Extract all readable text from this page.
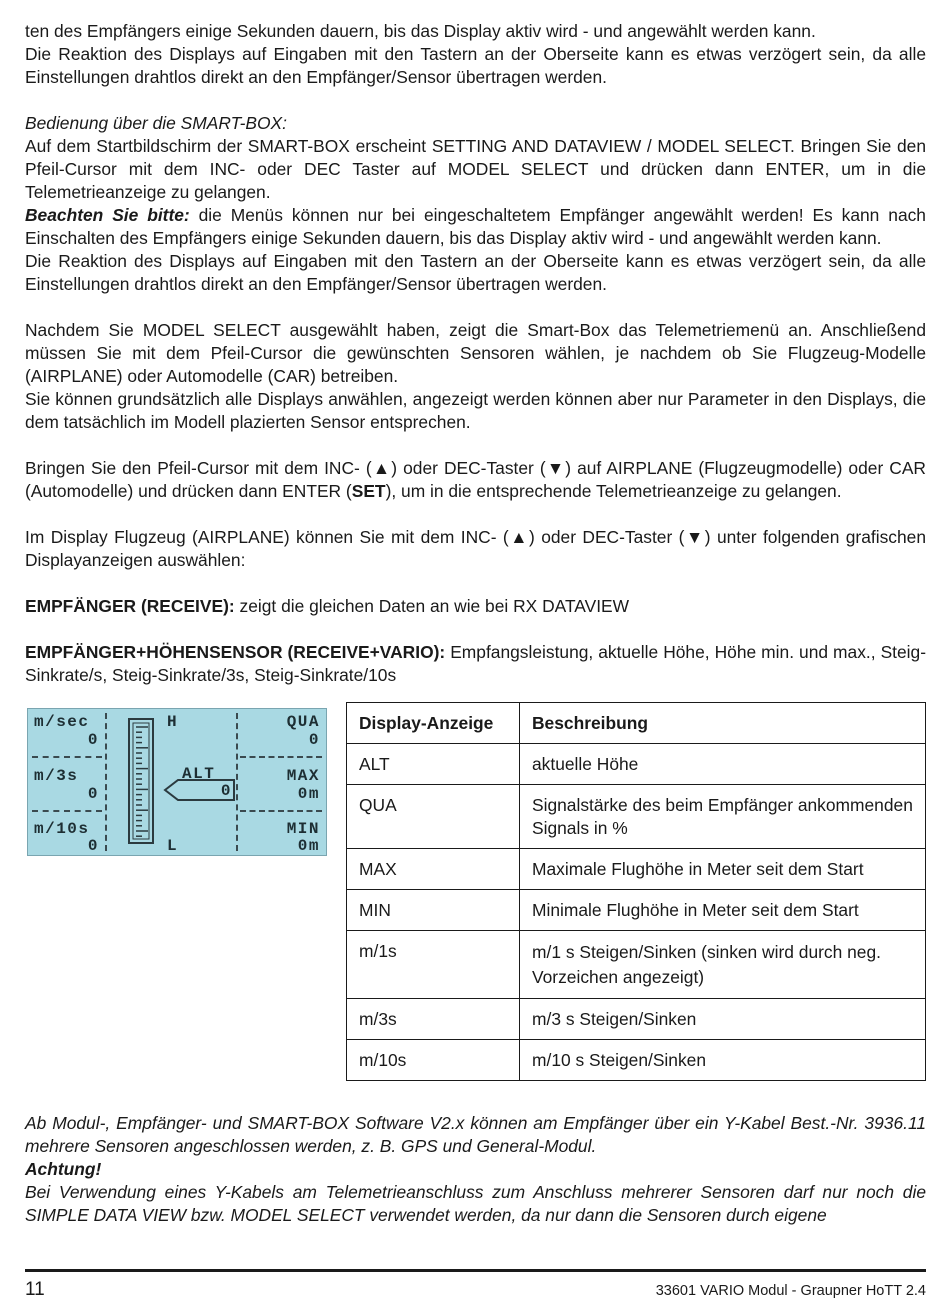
ten des Empfängers einige Sekunden dauern, bis das Display aktiv wird - und angewählt werden kann.

Die Reaktion des Displays auf Eingaben mit den Tastern an der Oberseite kann es etwas verzögert sein, da alle Einstellungen drahtlos direkt an den Empfänger/Sensor übertragen werden.

Bedienung über die SMART-BOX:

Auf dem Startbildschirm der SMART-BOX erscheint SETTING AND DATAVIEW / MODEL SELECT. Bringen Sie den Pfeil-Cursor mit dem INC- oder DEC Taster auf MODEL SELECT und drücken dann ENTER, um in die Telemetrieanzeige zu gelangen.

Beachten Sie bitte: die Menüs können nur bei eingeschaltetem Empfänger angewählt werden! Es kann nach Einschalten des Empfängers einige Sekunden dauern, bis das Display aktiv wird - und angewählt werden kann.

Die Reaktion des Displays auf Eingaben mit den Tastern an der Oberseite kann es etwas verzögert sein, da alle Einstellungen drahtlos direkt an den Empfänger/Sensor übertragen werden.

Nachdem Sie MODEL SELECT ausgewählt haben, zeigt die Smart-Box das Telemetriemenü an. Anschließend müssen Sie mit dem Pfeil-Cursor die gewünschten Sensoren wählen, je nachdem ob Sie Flugzeug-Modelle (AIRPLANE) oder Automodelle (CAR) betreiben.

Sie können grundsätzlich alle Displays anwählen, angezeigt werden können aber nur Parameter in den Displays, die dem tatsächlich im Modell plazierten Sensor entsprechen.

Bringen Sie den Pfeil-Cursor mit dem INC- (▲) oder DEC-Taster (▼) auf AIRPLANE (Flugzeugmodelle) oder CAR (Automodelle) und drücken dann ENTER (SET), um in die entsprechende Telemetrieanzeige zu gelangen.

Im Display Flugzeug (AIRPLANE) können Sie mit dem INC- (▲) oder DEC-Taster (▼) unter folgenden grafischen Displayanzeigen auswählen:

EMPFÄNGER (RECEIVE): zeigt die gleichen Daten an wie bei RX DATAVIEW

EMPFÄNGER+HÖHENSENSOR (RECEIVE+VARIO): Empfangsleistung, aktuelle Höhe, Höhe min. und max., Steig-Sinkrate/s, Steig-Sinkrate/3s, Steig-Sinkrate/10s

m/sec
0
m/3s
0
m/10s
0
H
L
ALT
0
QUA
0
MAX
0m
MIN
0m
Display-Anzeige	Beschreibung
ALT	aktuelle Höhe
QUA	Signalstärke des beim Empfänger ankommenden Signals in %
MAX	Maximale Flughöhe in Meter seit dem Start
MIN	Minimale Flughöhe in Meter seit dem Start
m/1s	m/1 s Steigen/Sinken (sinken wird durch neg. Vorzeichen angezeigt)
m/3s	m/3 s Steigen/Sinken
m/10s	m/10 s Steigen/Sinken

Ab Modul-, Empfänger- und SMART-BOX Software V2.x können am Empfänger über ein Y-Kabel Best.-Nr. 3936.11 mehrere Sensoren angeschlossen werden, z. B. GPS und General-Modul.

Achtung!

Bei Verwendung eines Y-Kabels am Telemetrieanschluss zum Anschluss mehrerer Sensoren darf nur noch die SIMPLE DATA VIEW bzw. MODEL SELECT verwendet werden, da nur dann die Sensoren durch eigene

11	33601 VARIO Modul - Graupner HoTT 2.4
